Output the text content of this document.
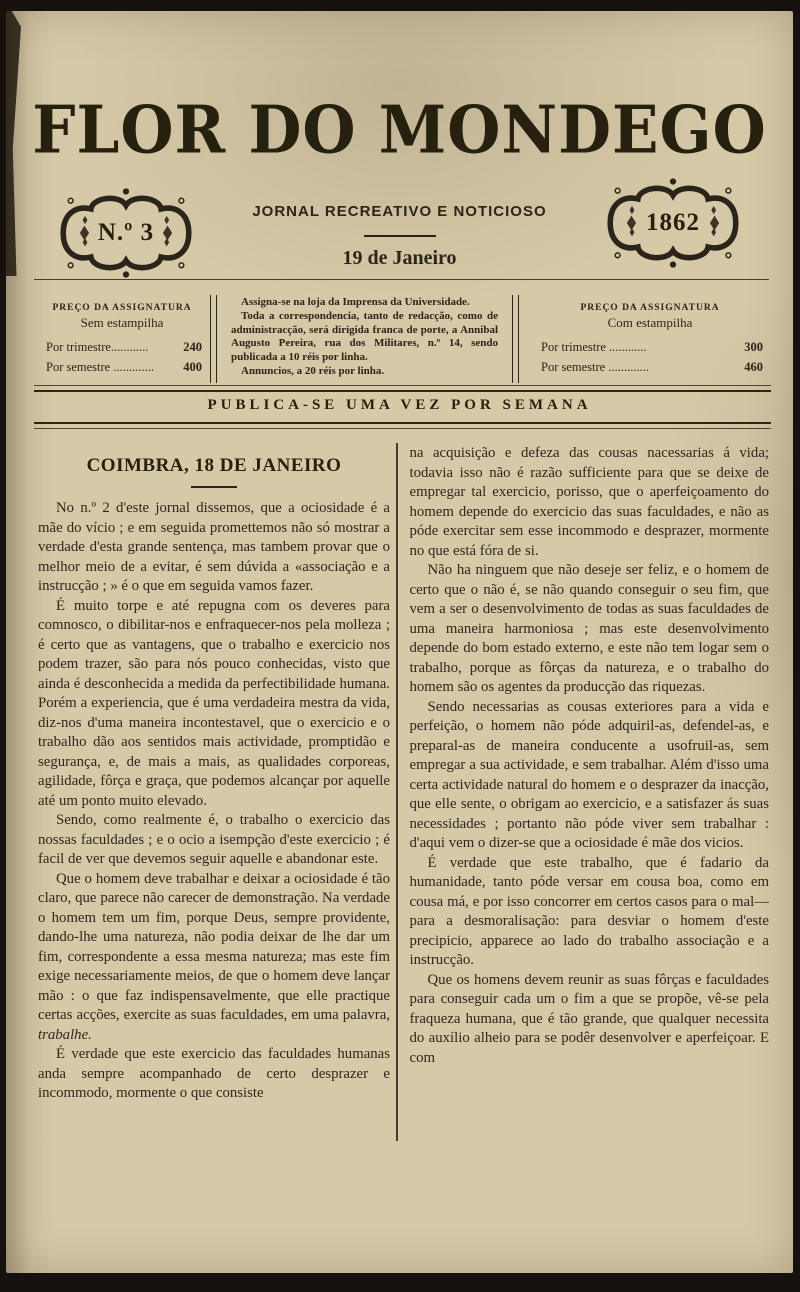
FLOR DO MONDEGO
JORNAL RECREATIVO E NOTICIOSO
19 de Janeiro
N.º 3	1862
PREÇO DA ASSIGNATURA
Sem estampilha
Por trimestre............	240
Por semestre ............. 400

Assigna-se na loja da Imprensa da Universidade.

Toda a correspondencia, tanto de redacção, como de administracção, será dirigida franca de porte, a Annibal Augusto Pereira, rua dos Militares, n.º 14, sendo publicada a 10 réis por linha.

Annuncios, a 20 réis por linha.

PREÇO DA ASSIGNATURA
Com estampilha
Por trimestre ............	300
Por semestre .............	460
PUBLICA-SE UMA VEZ POR SEMANA
COIMBRA, 18 DE JANEIRO

No n.º 2 d'este jornal dissemos, que a ociosidade é a mãe do vício ; e em seguida promettemos não só mostrar a verdade d'esta grande sentença, mas tambem provar que o melhor meio de a evitar, é sem dúvida a «associação e a instrucção ; » é o que em seguida vamos fazer.

É muito torpe e até repugna com os deveres para comnosco, o dibilitar-nos e enfraquecer-nos pela molleza ; é certo que as vantagens, que o trabalho e exercicio nos podem trazer, são para nós pouco conhecidas, visto que ainda é desconhecida a medida da perfectibilidade humana. Porém a experiencia, que é uma verdadeira mestra da vida, diz-nos d'uma maneira incontestavel, que o exercicio e o trabalho dão aos sentidos mais actividade, promptidão e segurança, e, de mais a mais, as qualidades corporeas, agilidade, fôrça e graça, que podemos alcançar por aquelle até um ponto muito elevado.

Sendo, como realmente é, o trabalho o exercicio das nossas faculdades ; e o ocio a isempção d'este exercicio ; é facil de ver que devemos seguir aquelle e abandonar este.

Que o homem deve trabalhar e deixar a ociosidade é tão claro, que parece não carecer de demonstração. Na verdade o homem tem um fim, porque Deus, sempre providente, dando-lhe uma natureza, não podia deixar de lhe dar um fim, correspondente a essa mesma natureza; mas este fim exige necessariamente meios, de que o homem deve lançar mão : o que faz indispensavelmente, que elle practique certas acções, exercite as suas faculdades, em uma palavra, trabalhe.

É verdade que este exercicio das faculdades humanas anda sempre acompanhado de certo desprazer e incommodo, mormente o que consiste

na acquisição e defeza das cousas nacessarias á vida; todavia isso não é razão sufficiente para que se deixe de empregar tal exercicio, porisso, que o aperfeiçoamento do homem depende do exercicio das suas faculdades, e não as póde exercitar sem esse incommodo e desprazer, mormente no que está fóra de si.

Não ha ninguem que não deseje ser feliz, e o homem de certo que o não é, se não quando conseguir o seu fim, que vem a ser o desenvolvimento de todas as suas faculdades de uma maneira harmoniosa ; mas este desenvolvimento depende do bom estado externo, e este não tem logar sem o trabalho, porque as fôrças da natureza, e o trabalho do homem são os agentes da producção das riquezas.

Sendo necessarias as cousas exteriores para a vida e perfeição, o homem não póde adquiril-as, defendel-as, e preparal-as de maneira conducente a usofruil-as, sem empregar a sua actividade, e sem trabalhar. Além d'isso uma certa actividade natural do homem e o desprazer da inacção, que elle sente, o obrigam ao exercicio, e a satisfazer ás suas necessidades ; portanto não póde viver sem trabalhar : d'aqui vem o dizer-se que a ociosidade é mãe dos vicios.

É verdade que este trabalho, que é fadario da humanidade, tanto póde versar em cousa boa, como em cousa má, e por isso concorrer em certos casos para o mal—para a desmoralisação: para desviar o homem d'este precipicio, apparece ao lado do trabalho associação e a instrucção.

Que os homens devem reunir as suas fôrças e faculdades para conseguir cada um o fim a que se propõe, vê-se pela fraqueza humana, que é tão grande, que qualquer necessita do auxílio alheio para se podêr desenvolver e aperfeiçoar. E com
